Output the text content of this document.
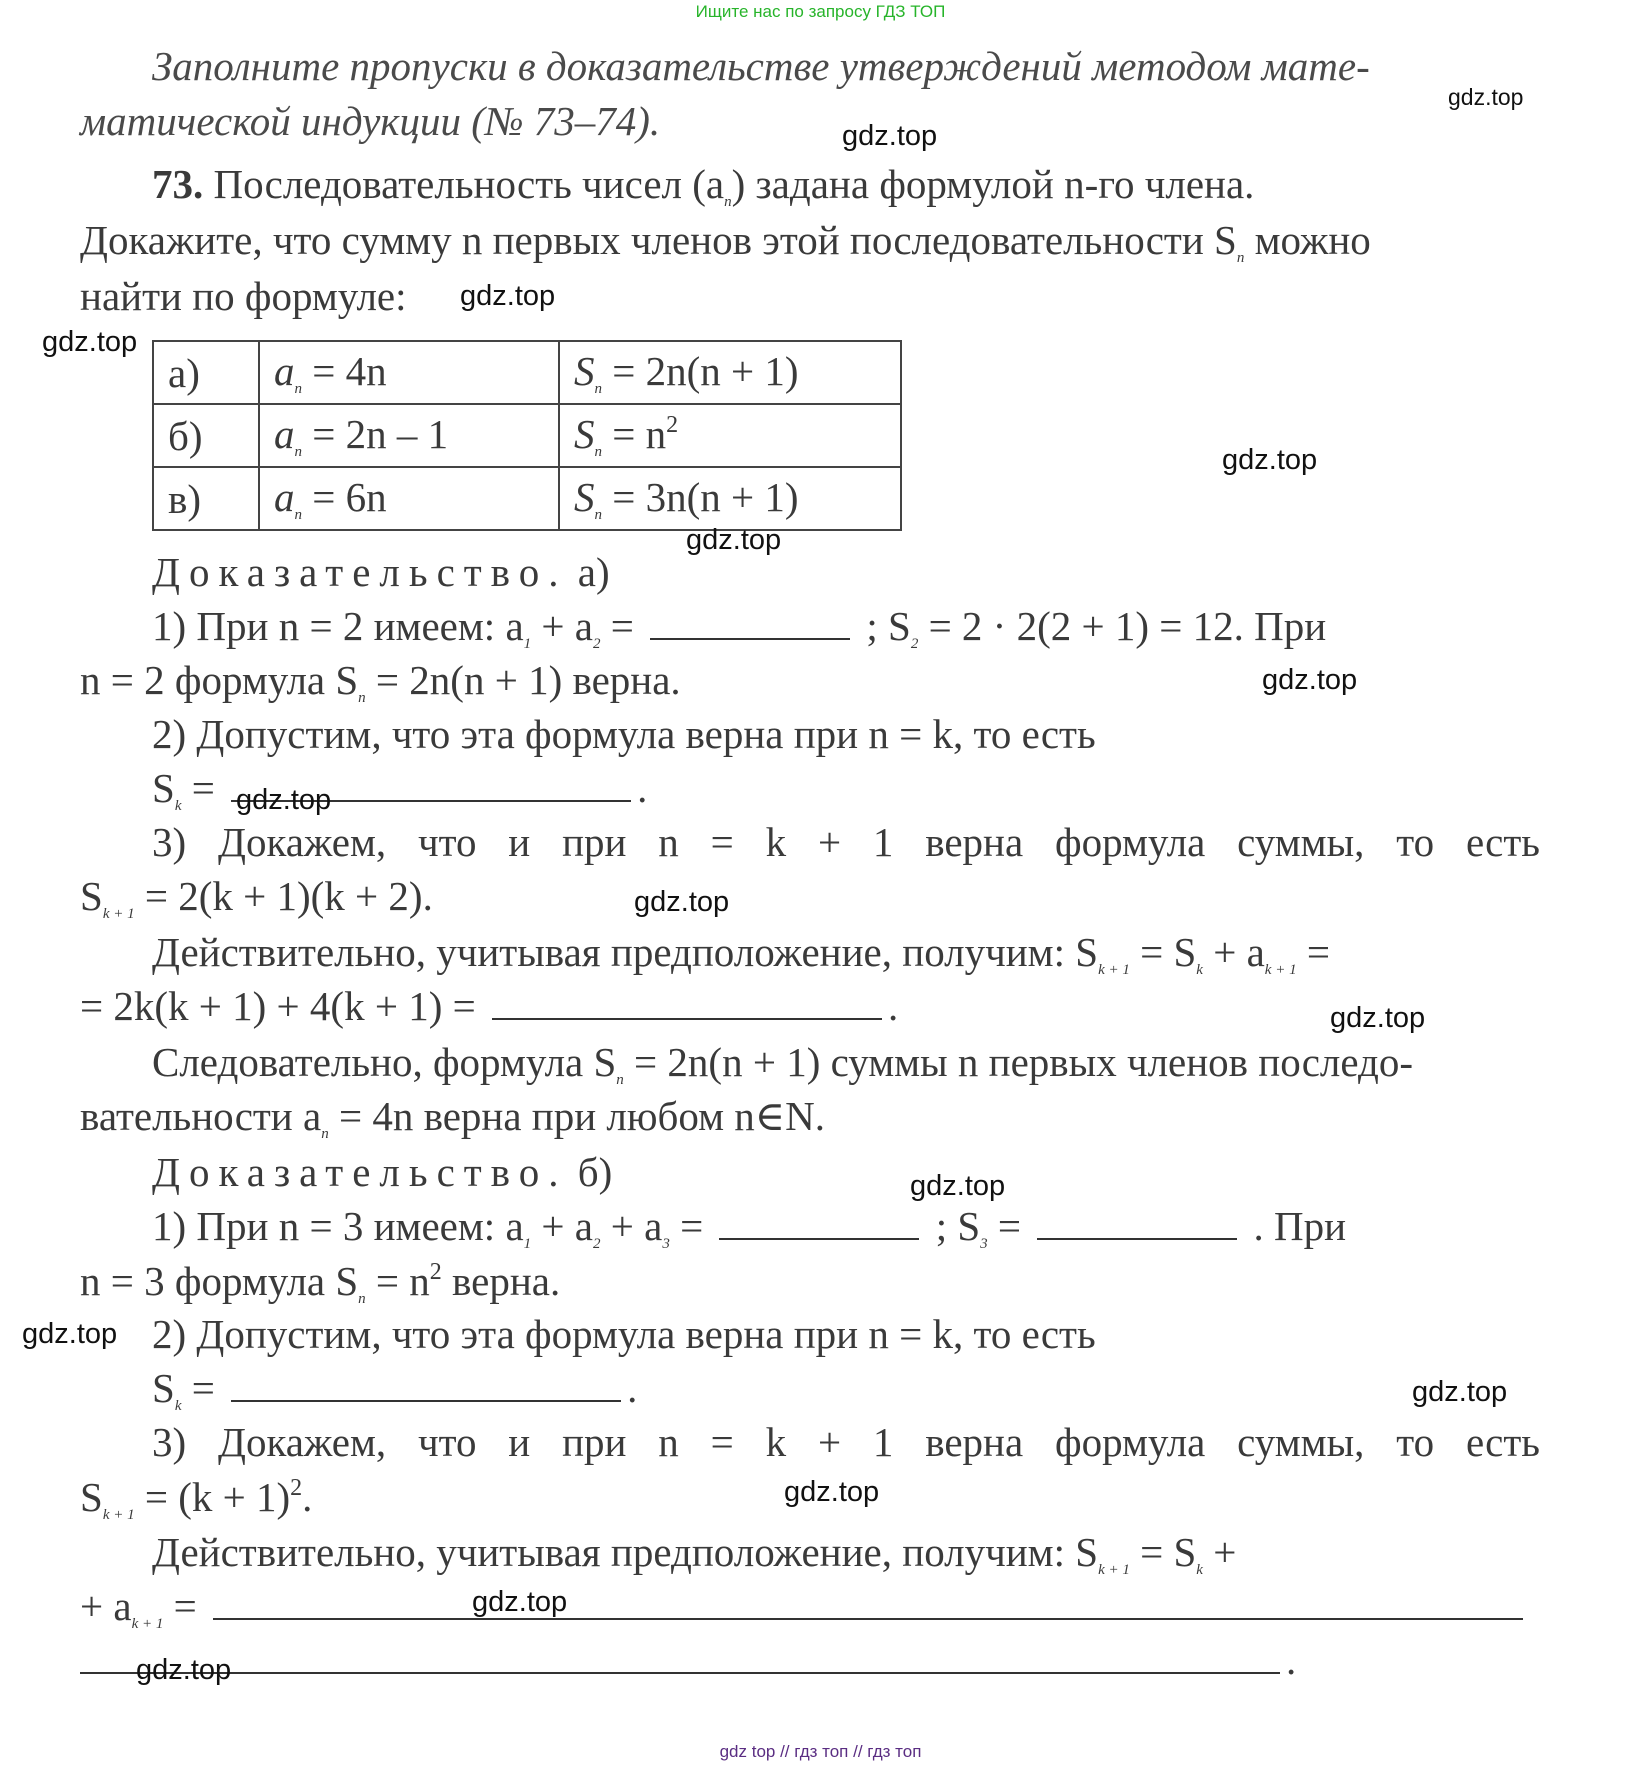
Ищите нас по запросу ГДЗ ТОП
Заполните пропуски в доказательстве утверждений методом мате-
матической индукции (№ 73–74).
73. Последовательность чисел $(a_n)$ задана формулой n-го члена.
Докажите, что сумму n первых членов этой последовательности $S_n$ можно
найти по формуле:
а)	$a_n = 4n$	$S_n = 2n(n + 1)$
б)	$a_n = 2n - 1$	$S_n = n^2$
в)	$a_n = 6n$	$S_n = 3n(n + 1)$
Доказательство. а)
1) При n = 2 имеем: $a_1 + a_2$ =	; $S_2 = 2 \cdot 2(2 + 1) = 12$. При
n = 2 формула $S_n = 2n(n + 1)$ верна.
2) Допустим, что эта формула верна при n = k, то есть
$S_k$ =	.
3) Докажем, что и при n = k + 1 верна формула суммы, то есть
$S_{k + 1} = 2(k + 1)(k + 2)$.
Действительно, учитывая предположение, получим: $S_{k + 1} = S_k + a_{k + 1}$ =
= 2k(k + 1) + 4(k + 1) =	.
Следовательно, формула $S_n = 2n(n + 1)$ суммы n первых членов последо-
вательности $a_n = 4n$ верна при любом n∈N.
Доказательство. б)
1) При n = 3 имеем: $a_1 + a_2 + a_3$ =	; $S_3$ =	. При
n = 3 формула $S_n = n^2$ верна.
2) Допустим, что эта формула верна при n = k, то есть
$S_k$ =	.
3) Докажем, что и при n = k + 1 верна формула суммы, то есть
$S_{k + 1} = (k + 1)^2$.
Действительно, учитывая предположение, получим: $S_{k + 1} = S_k$ +
+ $a_{k + 1}$ =
.
gdz.top
gdz.top
gdz.top
gdz.top
gdz.top
gdz.top
gdz.top
gdz.top
gdz.top
gdz.top
gdz.top
gdz.top
gdz.top
gdz.top
gdz.top
gdz.top
gdz top // гдз топ // гдз топ
